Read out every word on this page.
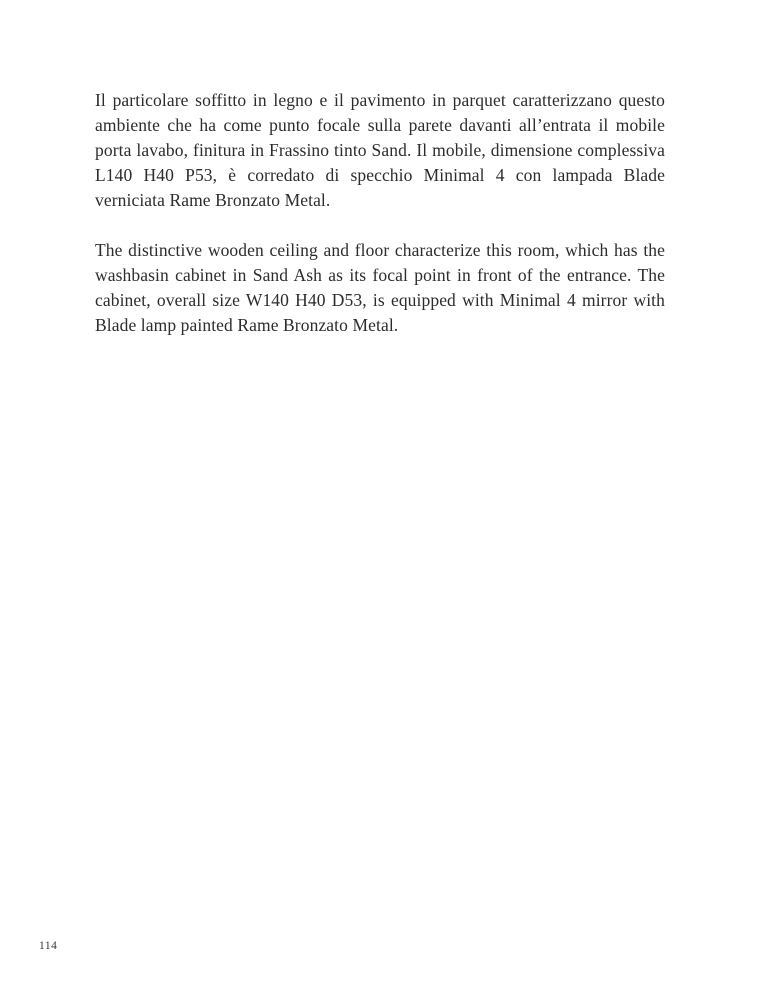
Il particolare soffitto in legno e il pavimento in parquet caratterizzano questo ambiente che ha come punto focale sulla parete davanti all’entrata il mobile porta lavabo, finitura in Frassino tinto Sand. Il mobile, dimensione complessiva L140 H40 P53, è corredato di specchio Minimal 4 con lampada Blade verniciata Rame Bronzato Metal.

The distinctive wooden ceiling and floor characterize this room, which has the washbasin cabinet in Sand Ash as its focal point in front of the entrance. The cabinet, overall size W140 H40 D53, is equipped with Minimal 4 mirror with Blade lamp painted Rame Bronzato Metal.

114
